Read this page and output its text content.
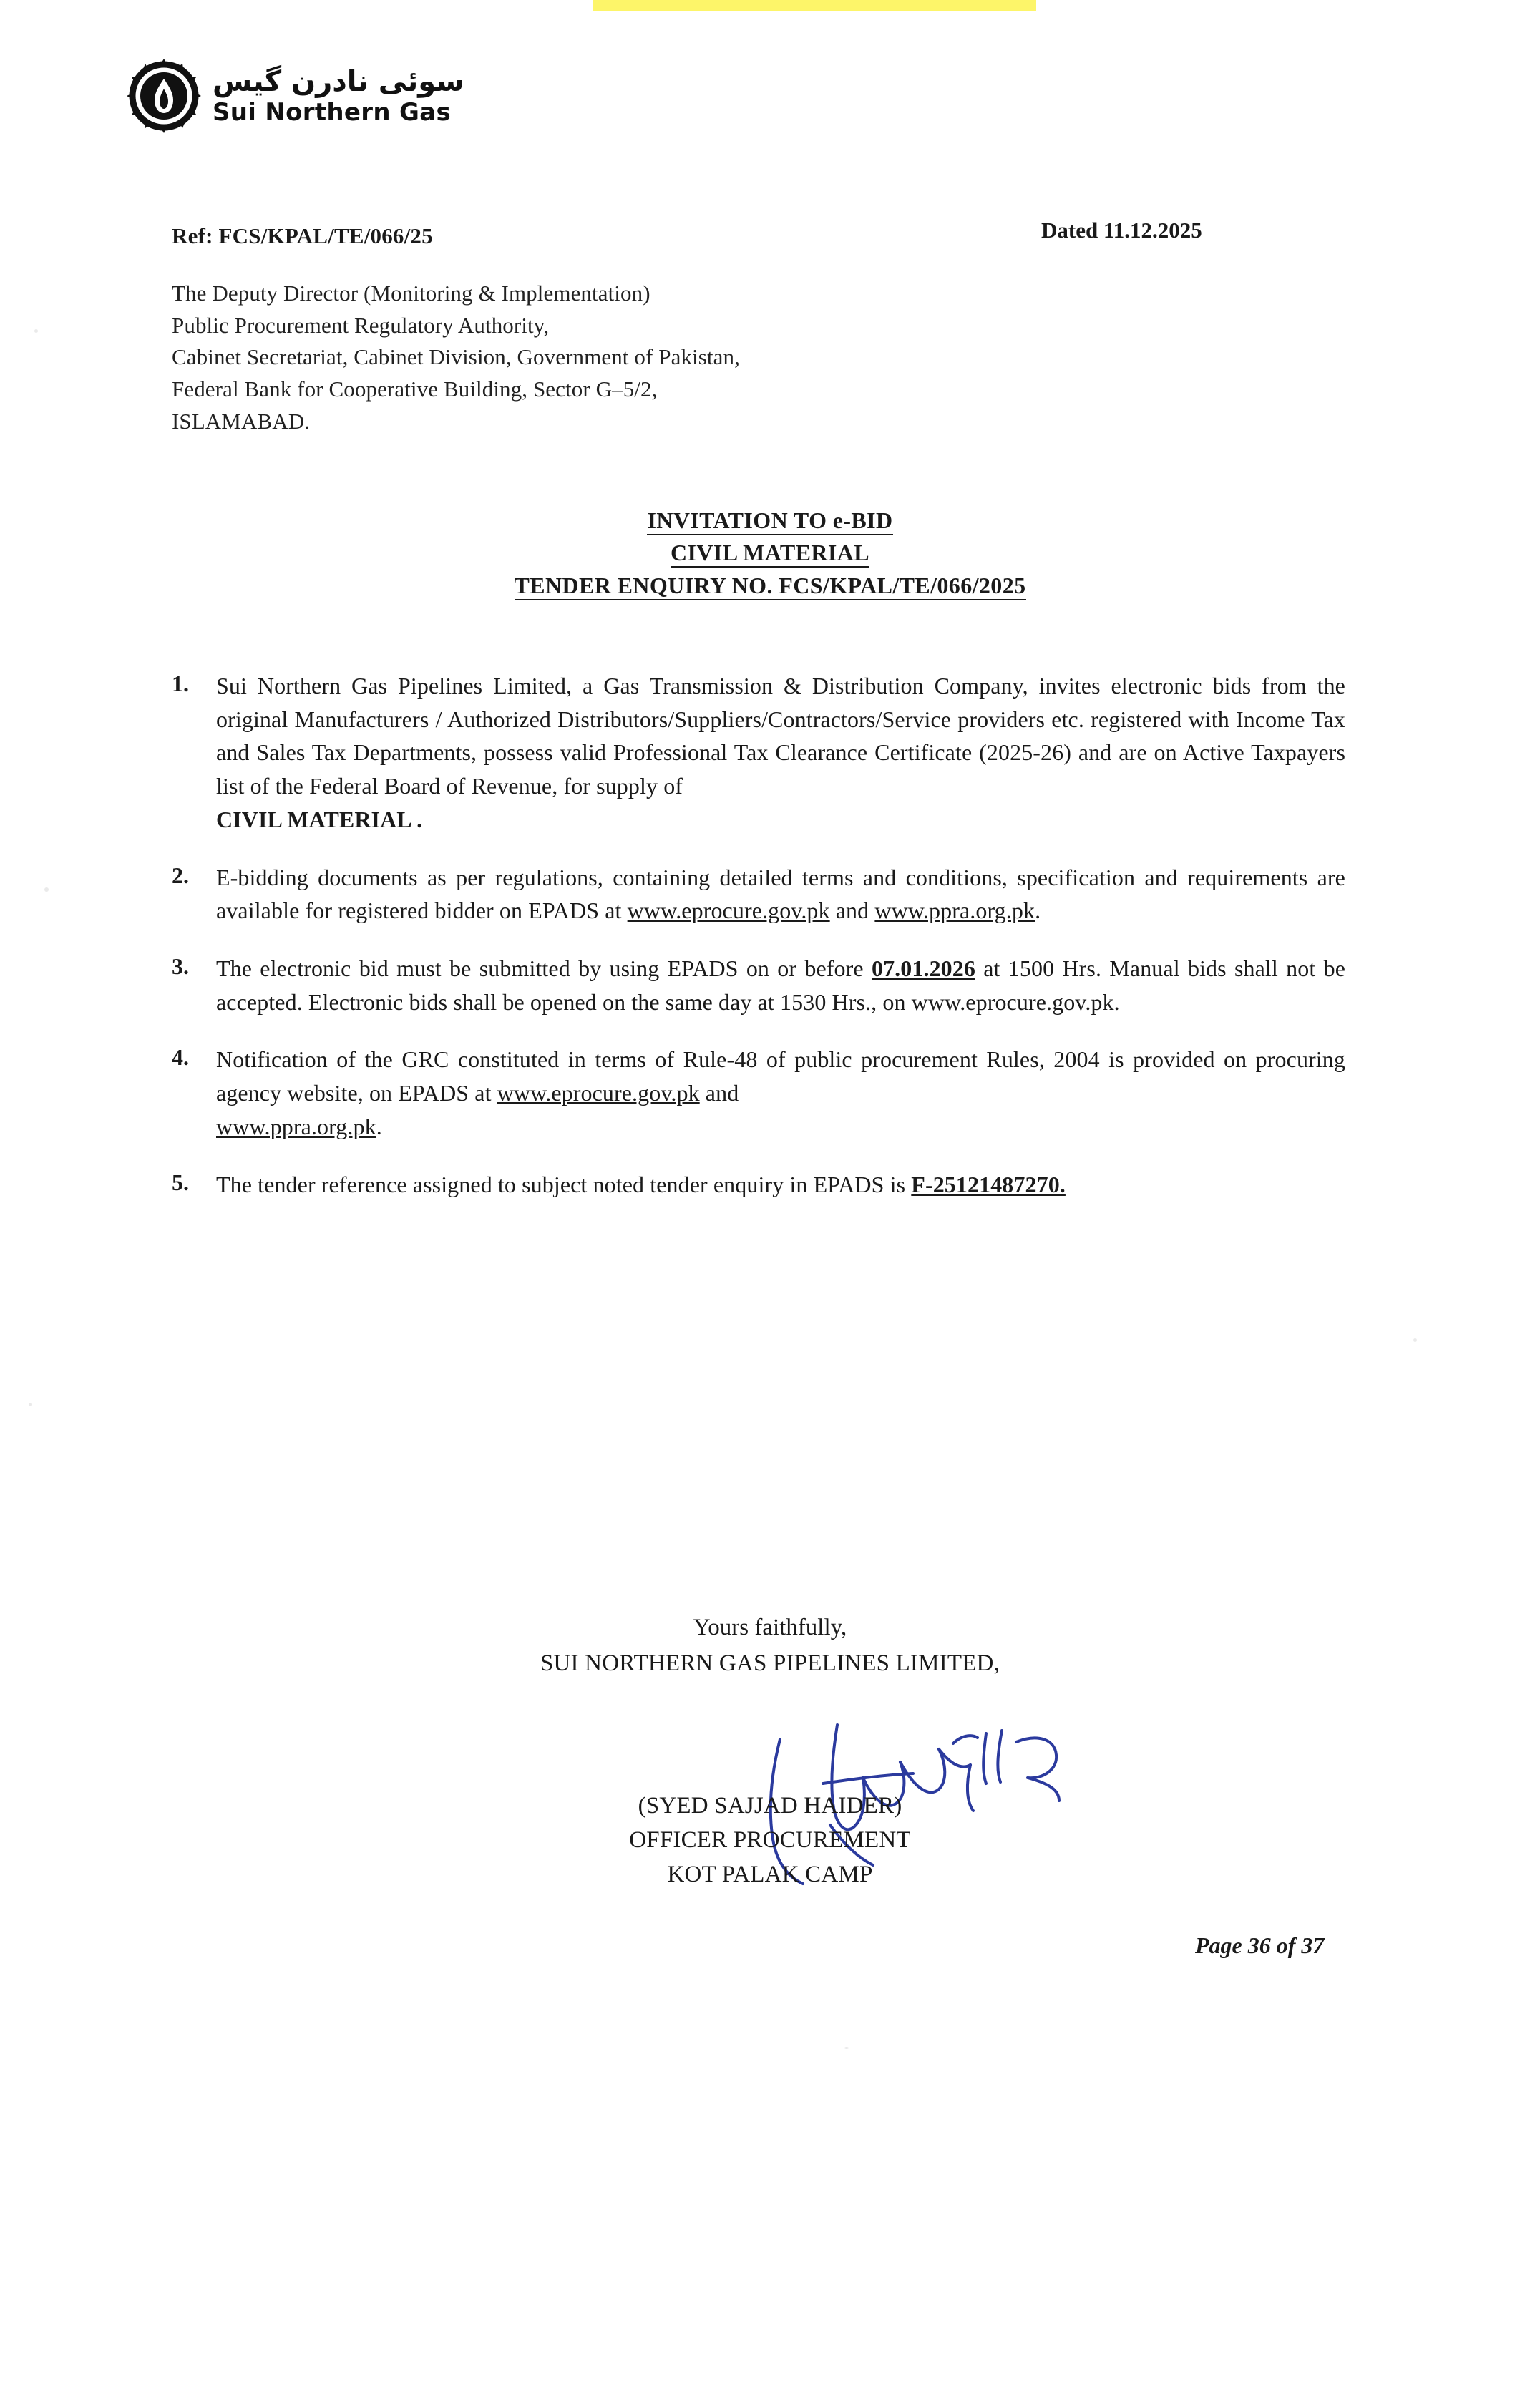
سوئی نادرن گیس
Sui Northern Gas
Ref: FCS/KPAL/TE/066/25	Dated 11.12.2025
The Deputy Director (Monitoring & Implementation)
Public Procurement Regulatory Authority,
Cabinet Secretariat, Cabinet Division, Government of Pakistan,
Federal Bank for Cooperative Building, Sector G–5/2,
ISLAMABAD.
INVITATION TO e-BID
CIVIL MATERIAL
TENDER ENQUIRY NO. FCS/KPAL/TE/066/2025
1.	Sui Northern Gas Pipelines Limited, a Gas Transmission & Distribution Company, invites electronic bids from the original Manufacturers / Authorized Distributors/Suppliers/Contractors/Service providers etc. registered with Income Tax and Sales Tax Departments, possess valid Professional Tax Clearance Certificate (2025-26) and are on Active Taxpayers list of the Federal Board of Revenue, for supply of
CIVIL MATERIAL .
2.	E-bidding documents as per regulations, containing detailed terms and conditions, specification and requirements are available for registered bidder on EPADS at www.eprocure.gov.pk and www.ppra.org.pk.
3.	The electronic bid must be submitted by using EPADS on or before 07.01.2026 at 1500 Hrs. Manual bids shall not be accepted. Electronic bids shall be opened on the same day at 1530 Hrs., on www.eprocure.gov.pk.
4.	Notification of the GRC constituted in terms of Rule-48 of public procurement Rules, 2004 is provided on procuring agency website, on EPADS at www.eprocure.gov.pk and
www.ppra.org.pk.
5.	The tender reference assigned to subject noted tender enquiry in EPADS is F-25121487270.
Yours faithfully,
SUI NORTHERN GAS PIPELINES LIMITED,
(SYED SAJJAD HAIDER)
OFFICER PROCUREMENT
KOT PALAK CAMP
Page 36 of 37
